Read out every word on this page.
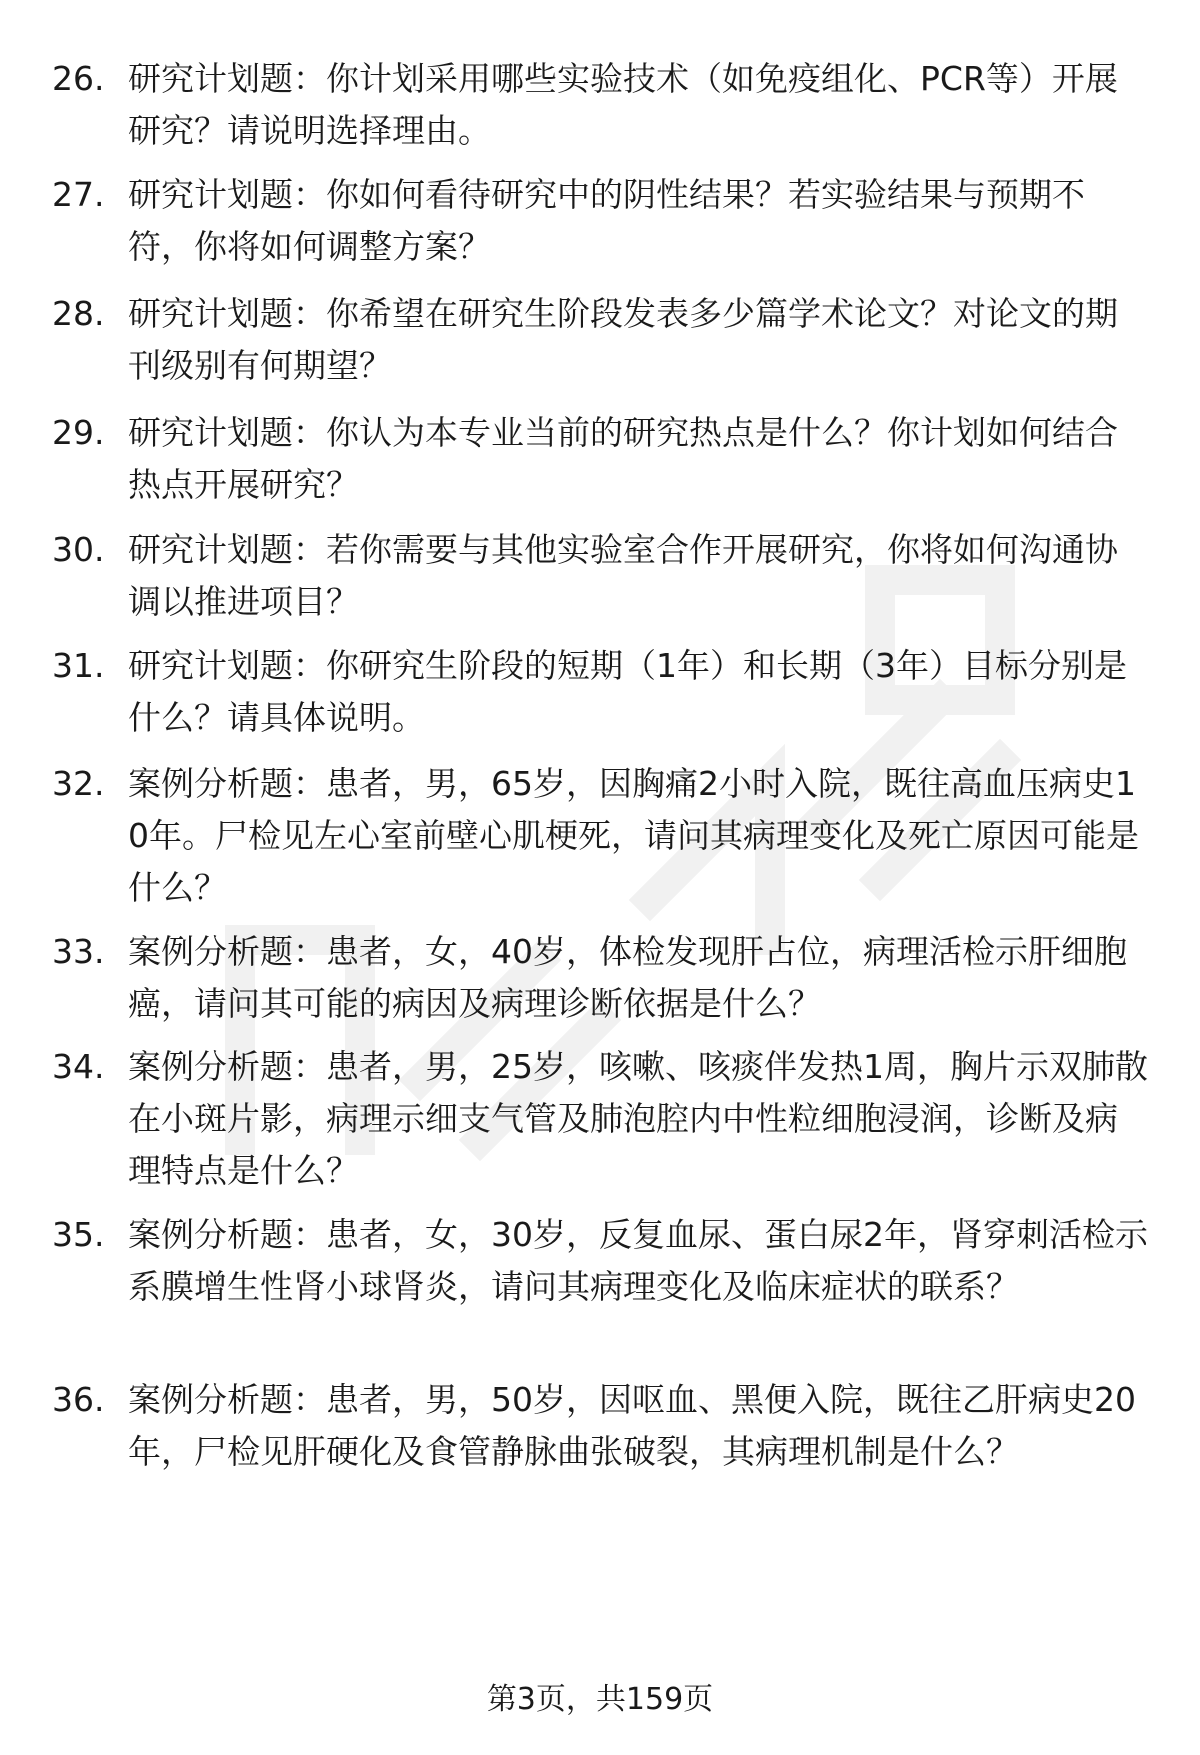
26. 研究计划题：你计划采用哪些实验技术（如免疫组化、PCR等）开展研究？请说明选择理由。
27. 研究计划题：你如何看待研究中的阴性结果？若实验结果与预期不符，你将如何调整方案？
28. 研究计划题：你希望在研究生阶段发表多少篇学术论文？对论文的期刊级别有何期望？
29. 研究计划题：你认为本专业当前的研究热点是什么？你计划如何结合热点开展研究？
30. 研究计划题：若你需要与其他实验室合作开展研究，你将如何沟通协调以推进项目？
31. 研究计划题：你研究生阶段的短期（1年）和长期（3年）目标分别是什么？请具体说明。
32. 案例分析题：患者，男，65岁，因胸痛2小时入院，既往高血压病史10年。尸检见左心室前壁心肌梗死，请问其病理变化及死亡原因可能是什么？
33. 案例分析题：患者，女，40岁，体检发现肝占位，病理活检示肝细胞癌，请问其可能的病因及病理诊断依据是什么？
34. 案例分析题：患者，男，25岁，咳嗽、咳痰伴发热1周，胸片示双肺散在小斑片影，病理示细支气管及肺泡腔内中性粒细胞浸润，诊断及病理特点是什么？
35. 案例分析题：患者，女，30岁，反复血尿、蛋白尿2年，肾穿刺活检示系膜增生性肾小球肾炎，请问其病理变化及临床症状的联系？
36. 案例分析题：患者，男，50岁，因呕血、黑便入院，既往乙肝病史20年，尸检见肝硬化及食管静脉曲张破裂，其病理机制是什么？
第3页，共159页
